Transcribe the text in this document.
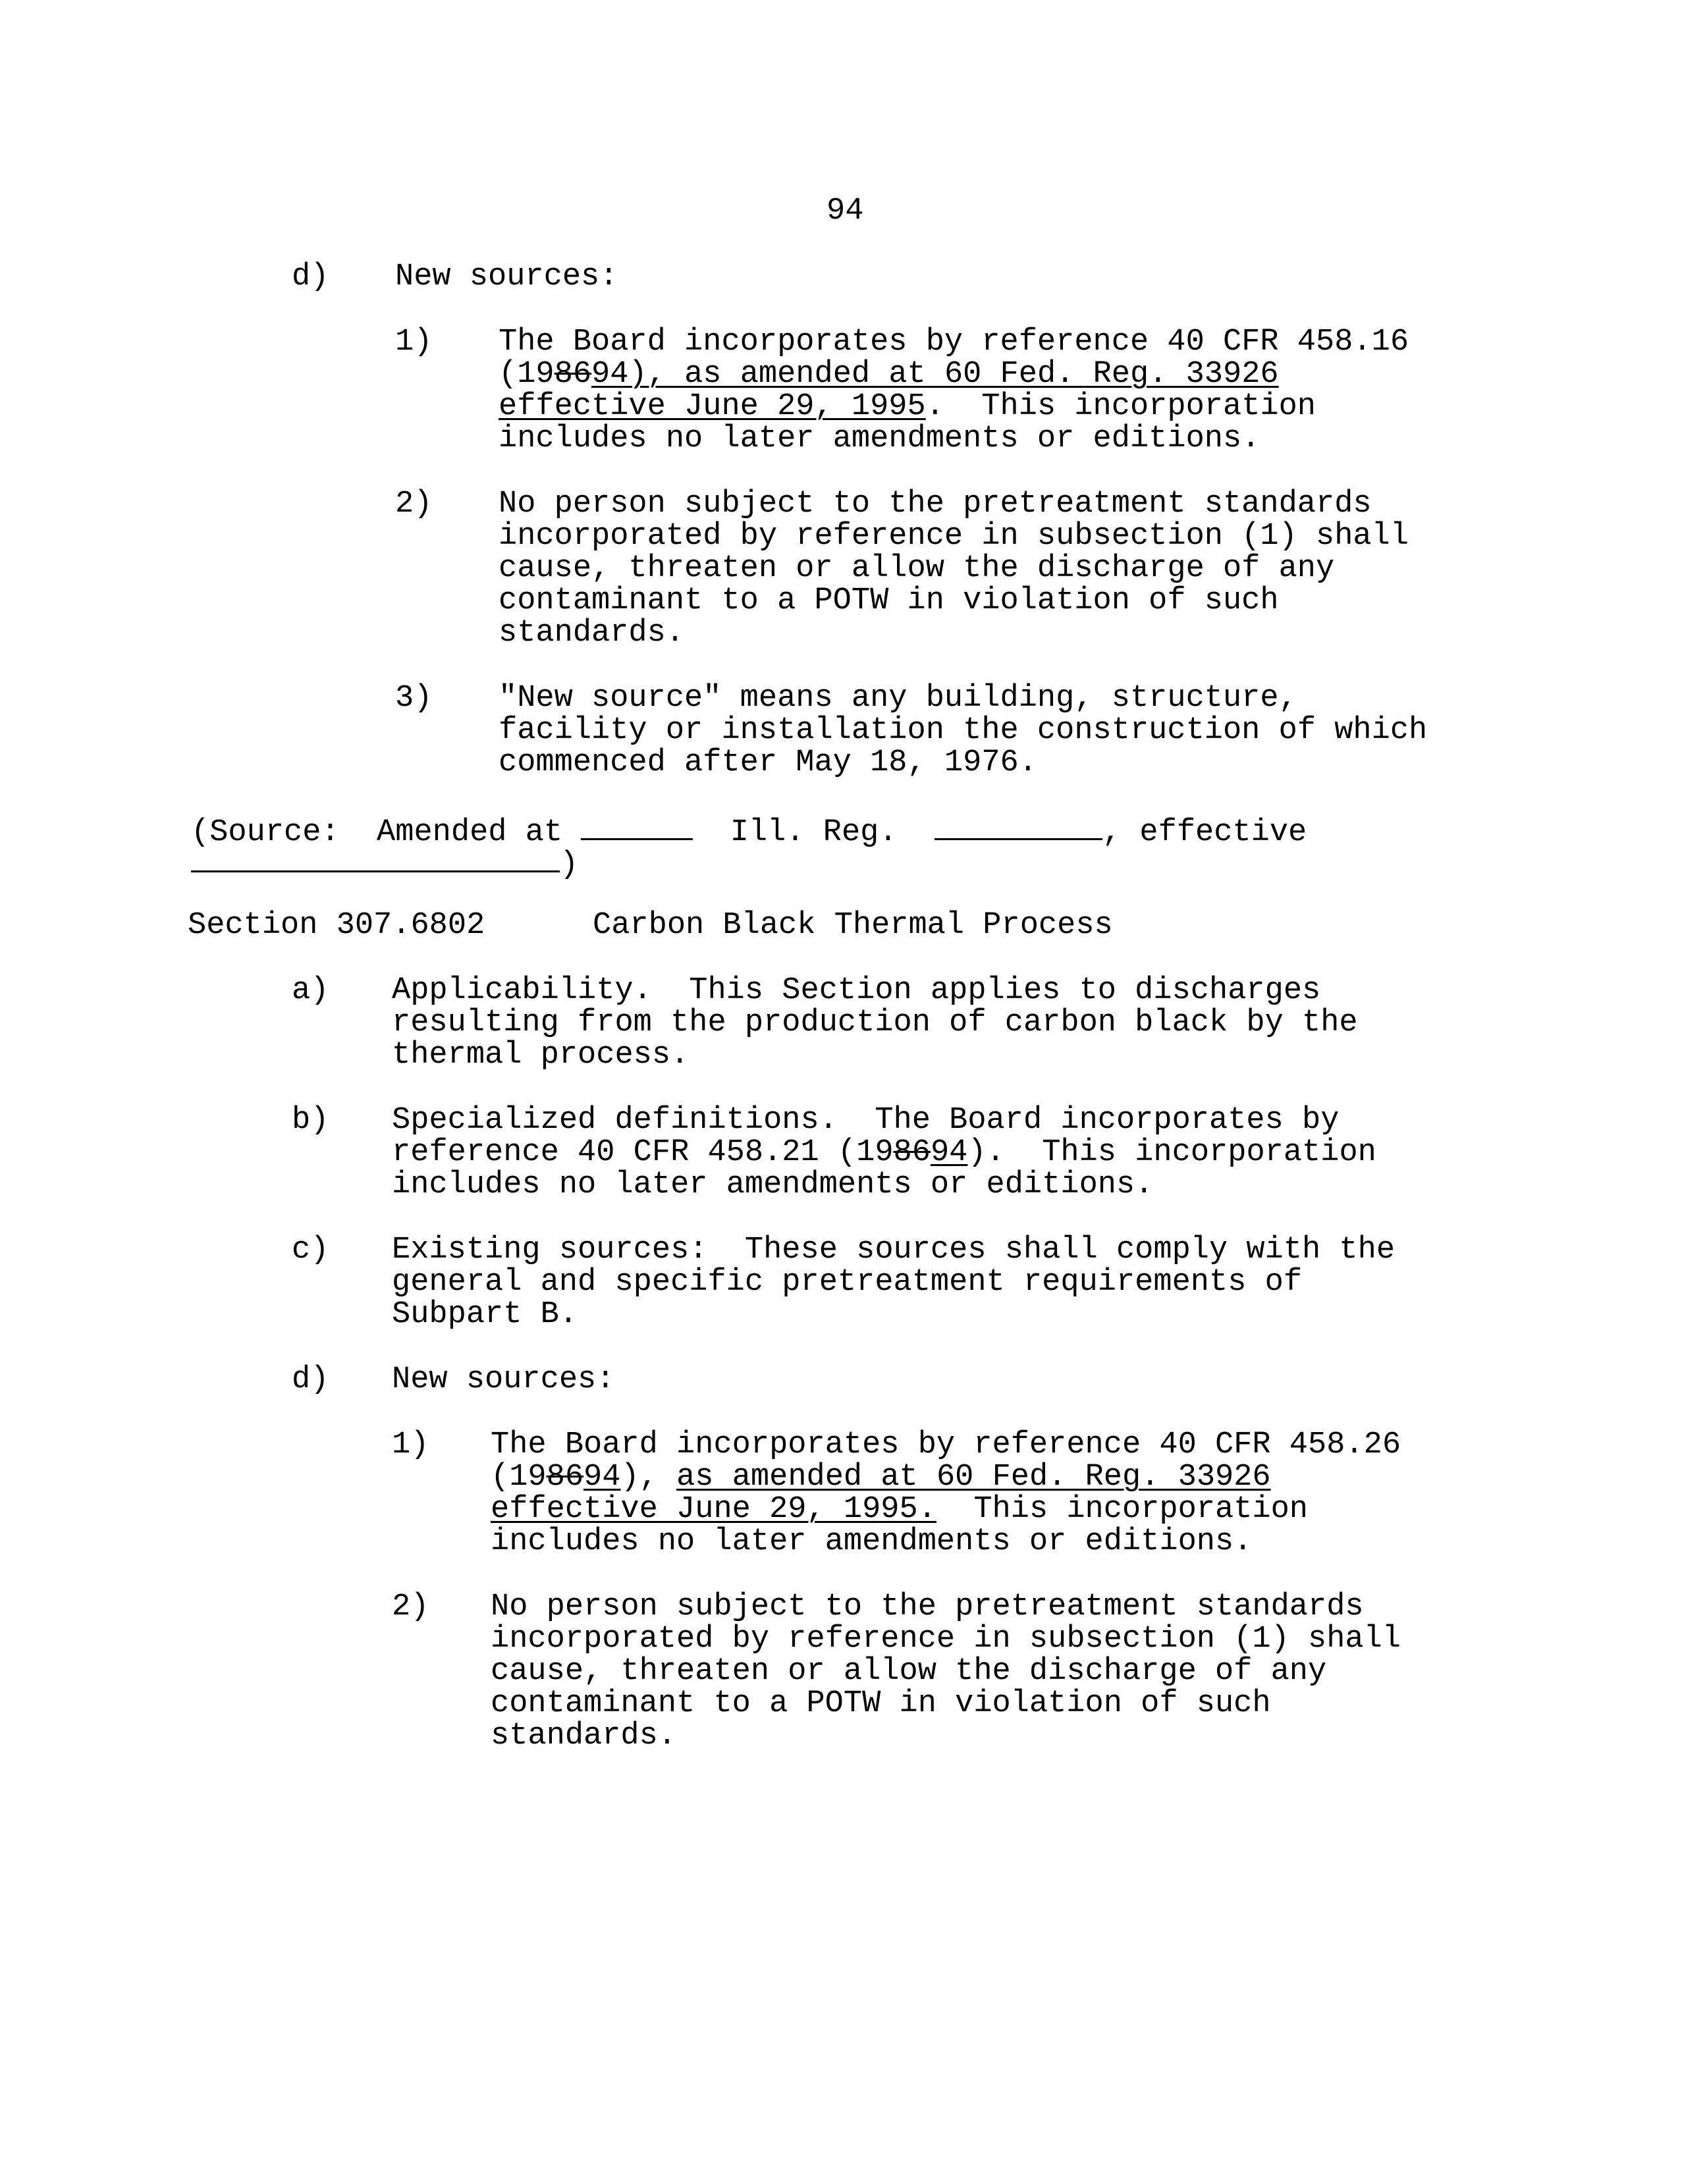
94
d) New sources:
1) The Board incorporates by reference 40 CFR 458.16
(198694), as amended at 60 Fed. Reg. 33926
effective June 29, 1995.  This incorporation
includes no later amendments or editions.
2) No person subject to the pretreatment standards
incorporated by reference in subsection (1) shall
cause, threaten or allow the discharge of any
contaminant to a POTW in violation of such
standards.
3) "New source" means any building, structure,
facility or installation the construction of which
commenced after May 18, 1976.
(Source:  Amended at	Ill. Reg.	, effective
)
Section 307.6802	Carbon Black Thermal Process
a) Applicability.  This Section applies to discharges
resulting from the production of carbon black by the
thermal process.
b) Specialized definitions.  The Board incorporates by
reference 40 CFR 458.21 (198694).  This incorporation
includes no later amendments or editions.
c) Existing sources:  These sources shall comply with the
general and specific pretreatment requirements of
Subpart B.
d) New sources:
1) The Board incorporates by reference 40 CFR 458.26
(198694), as amended at 60 Fed. Reg. 33926
effective June 29, 1995.  This incorporation
includes no later amendments or editions.
2) No person subject to the pretreatment standards
incorporated by reference in subsection (1) shall
cause, threaten or allow the discharge of any
contaminant to a POTW in violation of such
standards.
